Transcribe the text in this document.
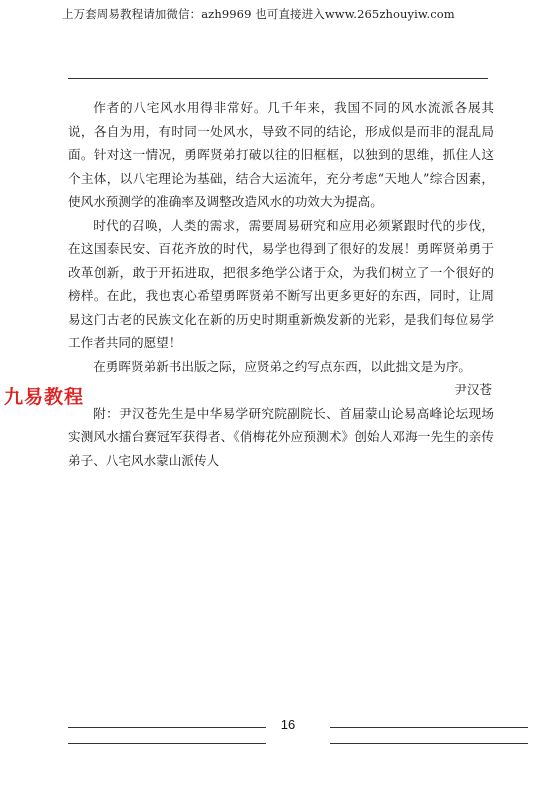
上万套周易教程请加微信：azh9969 也可直接进入www.265zhouyiw.com

作者的八宅风水用得非常好。几千年来，我国不同的风水流派各展其说，各自为用，有时同一处风水，导致不同的结论，形成似是而非的混乱局面。针对这一情况，勇晖贤弟打破以往的旧框框，以独到的思维，抓住人这个主体，以八宅理论为基础，结合大运流年，充分考虑“天地人”综合因素，使风水预测学的准确率及调整改造风水的功效大为提高。

时代的召唤，人类的需求，需要周易研究和应用必须紧跟时代的步伐，在这国泰民安、百花齐放的时代，易学也得到了很好的发展！勇晖贤弟勇于改革创新，敢于开拓进取，把很多绝学公诸于众，为我们树立了一个很好的榜样。在此，我也衷心希望勇晖贤弟不断写出更多更好的东西，同时，让周易这门古老的民族文化在新的历史时期重新焕发新的光彩，是我们每位易学工作者共同的愿望！

在勇晖贤弟新书出版之际，应贤弟之约写点东西，以此拙文是为序。

尹汉苍

附：尹汉苍先生是中华易学研究院副院长、首届蒙山论易高峰论坛现场实测风水擂台赛冠军获得者、《俏梅花外应预测术》创始人邓海一先生的亲传弟子、八宅风水蒙山派传人

九易教程
16
